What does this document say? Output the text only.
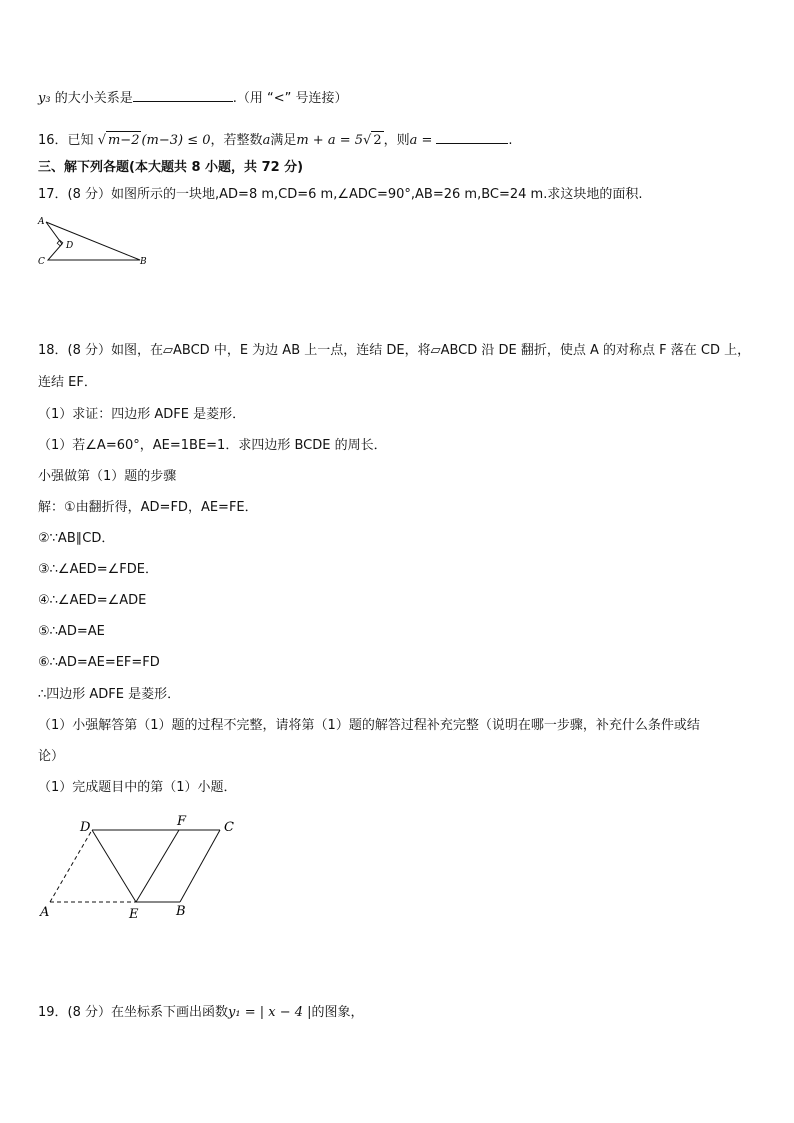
y₃ 的大小关系是	.（用 “<” 号连接）
16．已知 √ m−2 (m−3) ≤ 0，若整数a满足m + a = 5√ 2 ，则a =	.
三、解下列各题(本大题共 8 小题，共 72 分)
17．(8 分）如图所示的一块地,AD=8 m,CD=6 m,∠ADC=90°,AB=26 m,BC=24 m.求这块地的面积.
A
D
C	B
18．(8 分）如图，在▱ABCD 中，E 为边 AB 上一点，连结 DE，将▱ABCD 沿 DE 翻折，使点 A 的对称点 F 落在 CD 上，
连结 EF．
（1）求证：四边形 ADFE 是菱形．
（1）若∠A=60°，AE=1BE=1．求四边形 BCDE 的周长．
小强做第（1）题的步骤
解：①由翻折得，AD=FD，AE=FE．
②∵AB∥CD．
③∴∠AED=∠FDE．
④∴∠AED=∠ADE
⑤∴AD=AE
⑥∴AD=AE=EF=FD
∴四边形 ADFE 是菱形．
（1）小强解答第（1）题的过程不完整，请将第（1）题的解答过程补充完整（说明在哪一步骤，补充什么条件或结
论）
（1）完成题目中的第（1）小题．
D	F	C
A	E	B
19．(8 分）在坐标系下画出函数y₁ = | x − 4 |的图象，
